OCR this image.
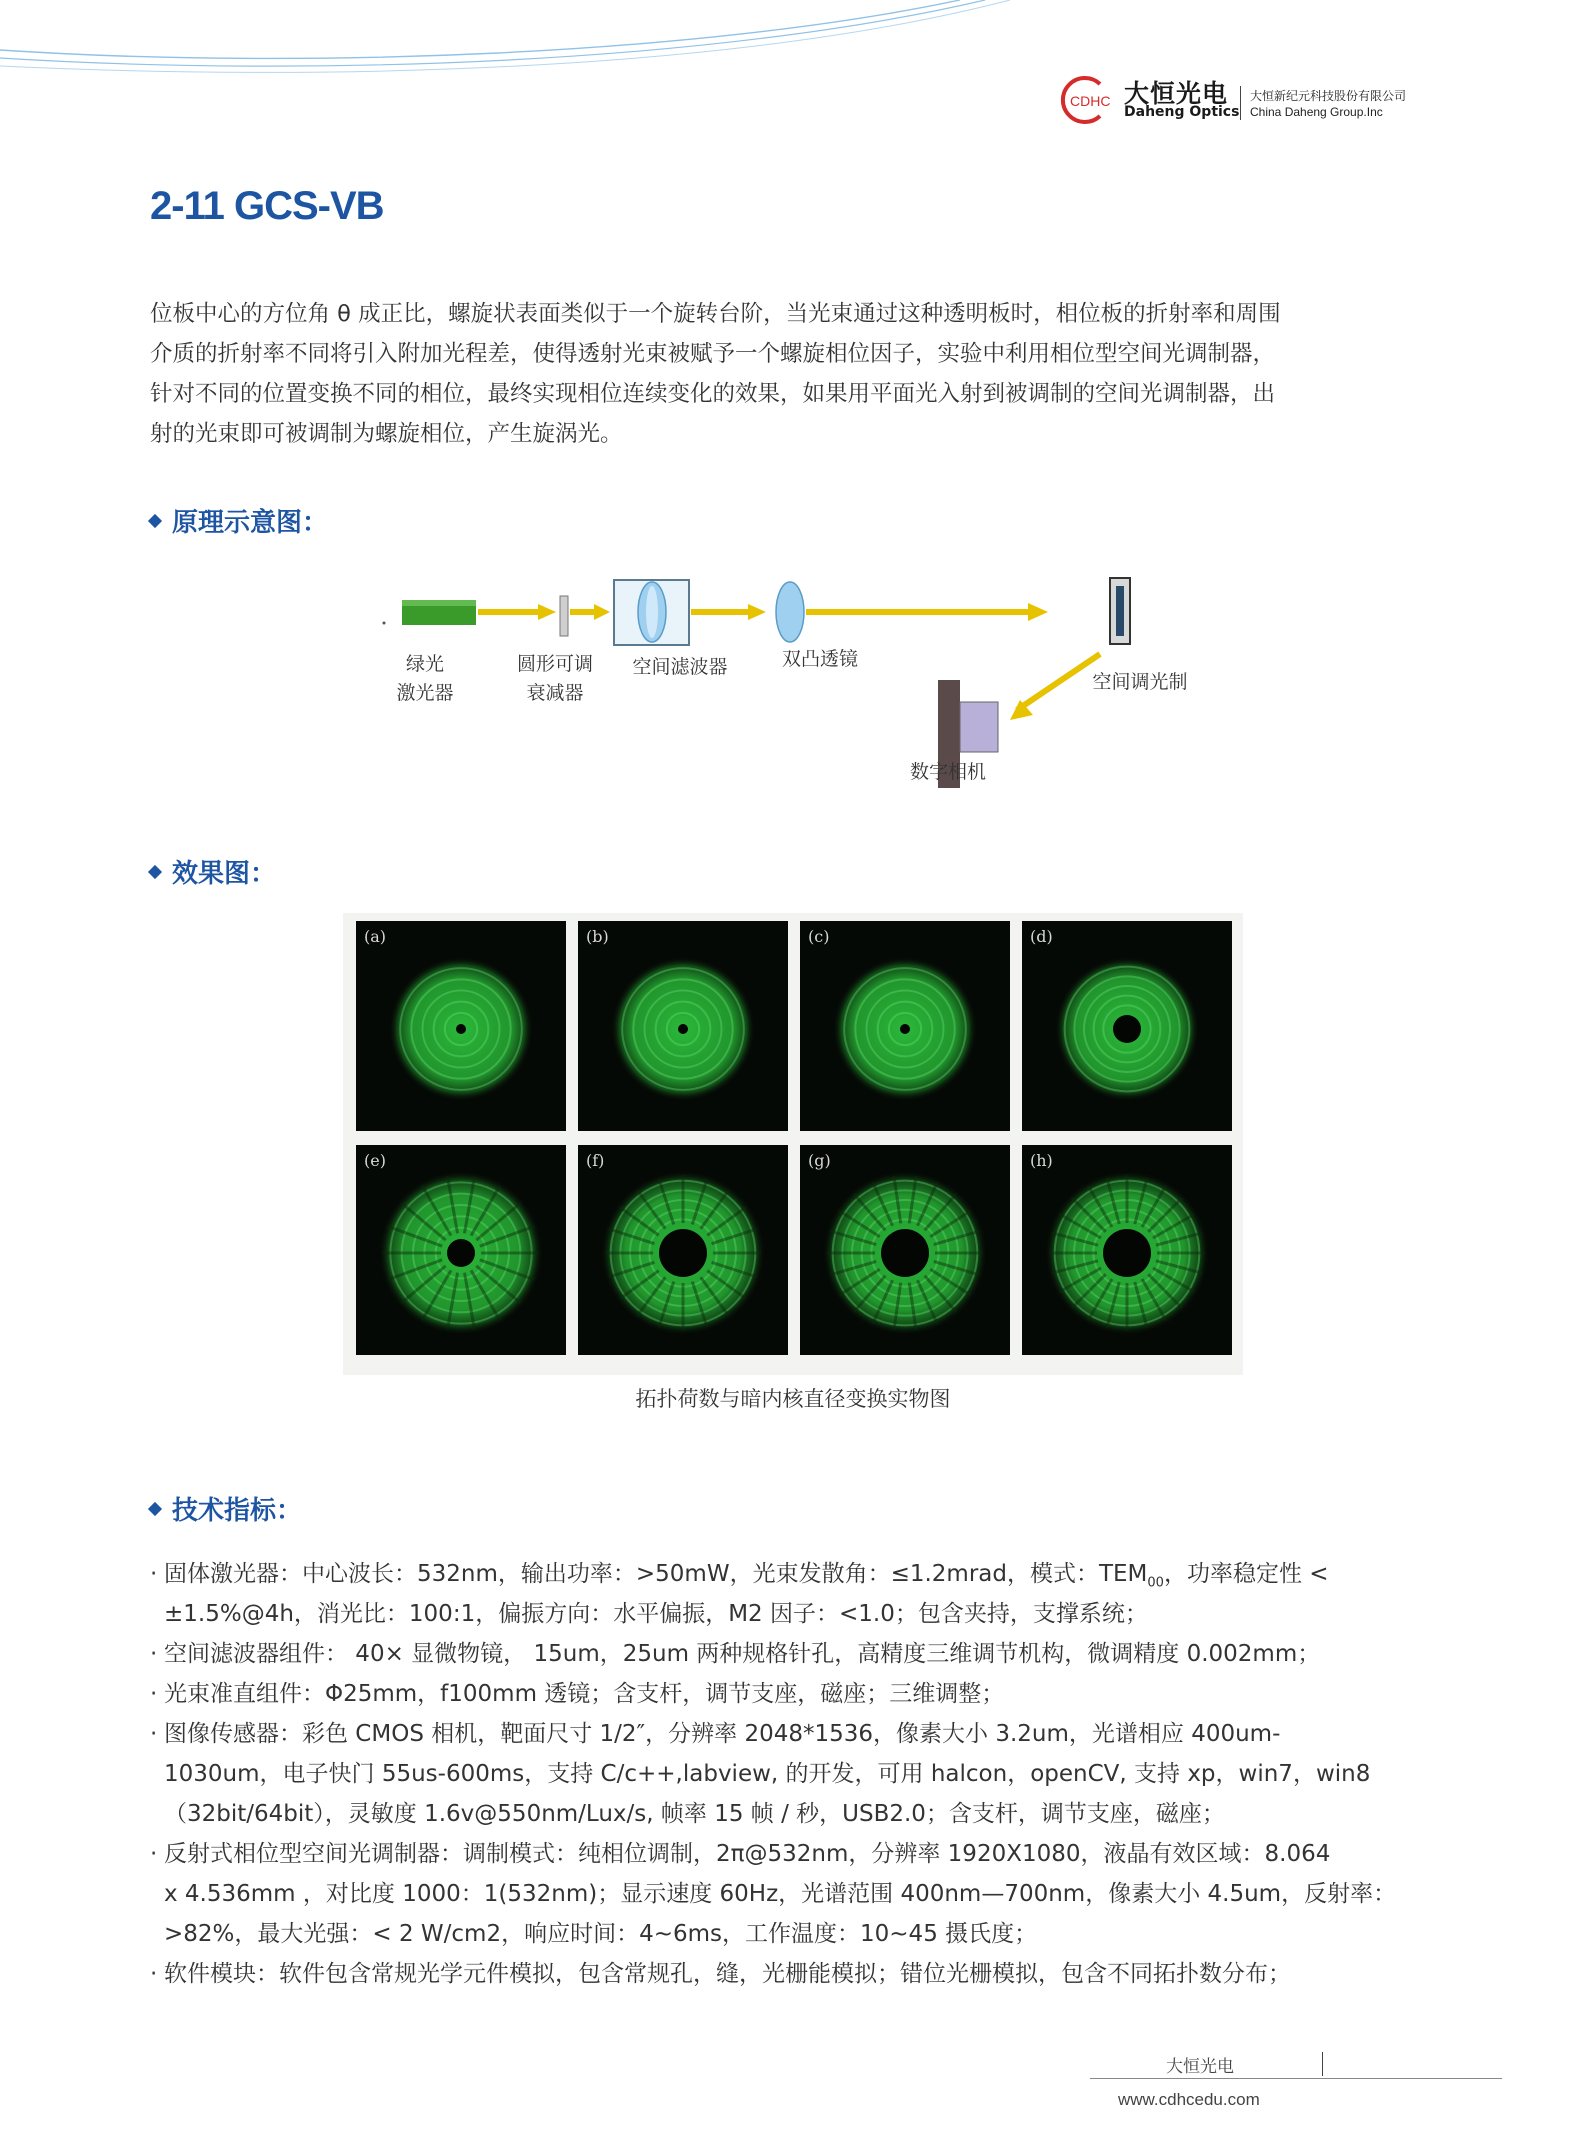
CDHC 大恒光电
Daheng Optics
大恒新纪元科技股份有限公司
China Daheng Group.Inc
2-11 GCS-VB

位板中心的方位角 θ 成正比，螺旋状表面类似于一个旋转台阶，当光束通过这种透明板时，相位板的折射率和周围

介质的折射率不同将引入附加光程差，使得透射光束被赋予一个螺旋相位因子，实验中利用相位型空间光调制器，

针对不同的位置变换不同的相位，最终实现相位连续变化的效果，如果用平面光入射到被调制的空间光调制器，出

射的光束即可被调制为螺旋相位，产生旋涡光。

原理示意图：
绿光
激光器
圆形可调
衰减器
空间滤波器	双凸透镜
空间调光制
数字相机
效果图：
(a)	(b)	(c)	(d)
(e)	(f)	(g)	(h)
拓扑荷数与暗内核直径变换实物图
技术指标：
· 固体激光器：中心波长：532nm，输出功率：>50mW，光束发散角：≤1.2mrad，模式：$TEM_{00}$，功率稳定性 <
±1.5%@4h，消光比：100:1，偏振方向：水平偏振，M2 因子：<1.0；包含夹持，支撑系统；
· 空间滤波器组件： 40× 显微物镜， 15um，25um 两种规格针孔，高精度三维调节机构，微调精度 0.002mm；
· 光束准直组件：Φ25mm，f100mm 透镜；含支杆，调节支座，磁座；三维调整；
· 图像传感器：彩色 CMOS 相机，靶面尺寸 1/2″，分辨率 2048*1536，像素大小 3.2um，光谱相应 400um-
1030um，电子快门 55us-600ms，支持 C/c++,labview, 的开发，可用 halcon，openCV, 支持 xp，win7，win8
（32bit/64bit），灵敏度 1.6v@550nm/Lux/s, 帧率 15 帧 / 秒，USB2.0；含支杆，调节支座，磁座；
· 反射式相位型空间光调制器：调制模式：纯相位调制，2π@532nm，分辨率 1920X1080，液晶有效区域：8.064
x 4.536mm ，对比度 1000：1(532nm)；显示速度 60Hz，光谱范围 400nm—700nm，像素大小 4.5um，反射率：
>82%，最大光强：< 2 W/cm2，响应时间：4~6ms，工作温度：10~45 摄氏度；
· 软件模块：软件包含常规光学元件模拟，包含常规孔，缝，光栅能模拟；错位光栅模拟，包含不同拓扑数分布；
大恒光电
www.cdhcedu.com
